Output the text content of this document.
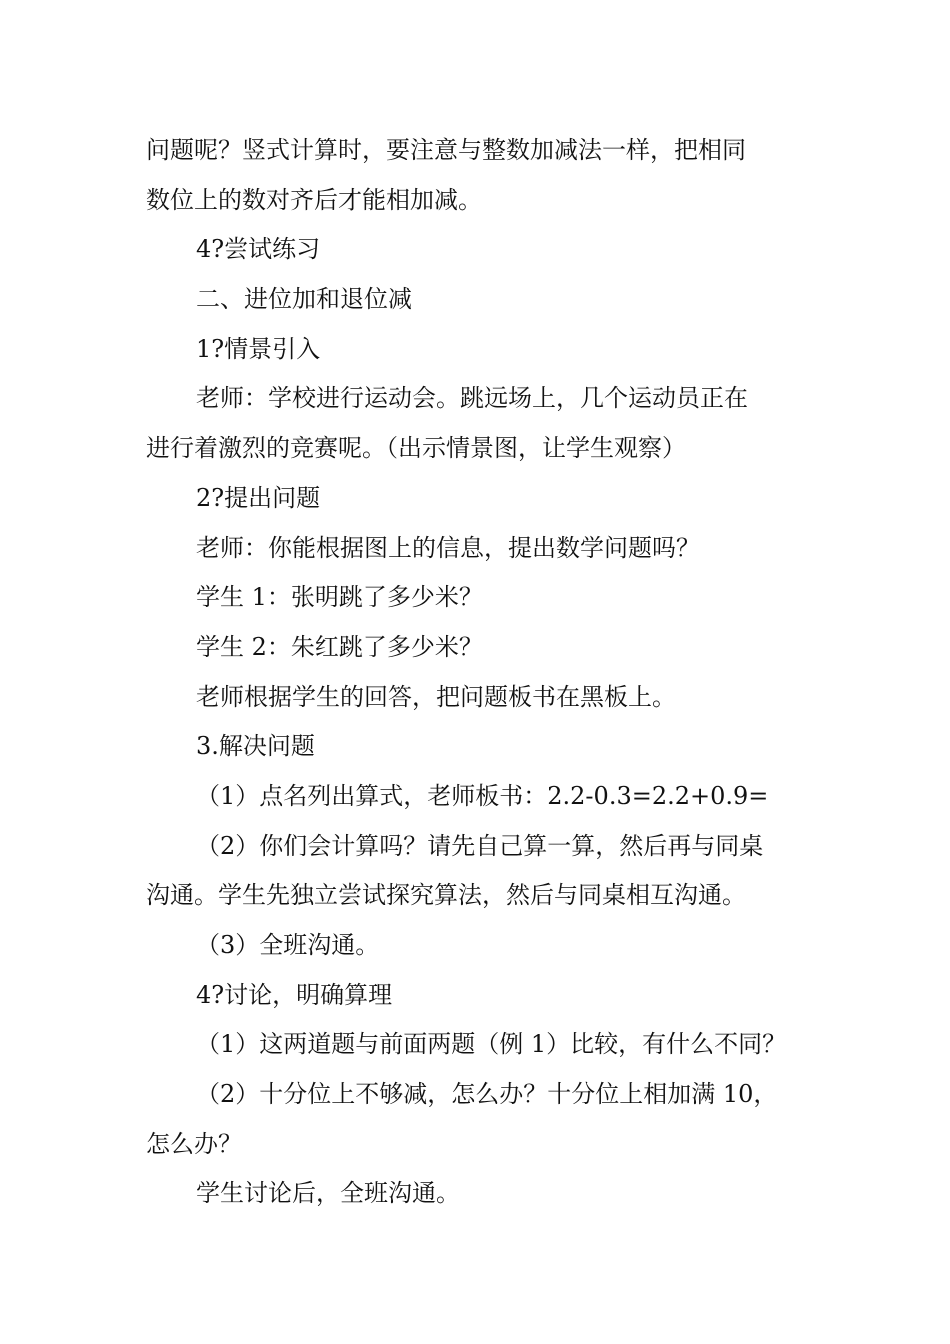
问题呢？竖式计算时，要注意与整数加减法一样，把相同
数位上的数对齐后才能相加减。
4?尝试练习
二、进位加和退位减
1?情景引入
老师：学校进行运动会。跳远场上，几个运动员正在
进行着激烈的竞赛呢。（出示情景图，让学生观察）
2?提出问题
老师：你能根据图上的信息，提出数学问题吗？
学生 1：张明跳了多少米？
学生 2：朱红跳了多少米？
老师根据学生的回答，把问题板书在黑板上。
3.解决问题
（1）点名列出算式，老师板书：2.2-0.3=2.2+0.9=
（2）你们会计算吗？请先自己算一算，然后再与同桌
沟通。学生先独立尝试探究算法，然后与同桌相互沟通。
（3）全班沟通。
4?讨论，明确算理
（1）这两道题与前面两题（例 1）比较，有什么不同？
（2）十分位上不够减，怎么办？十分位上相加满 10，
怎么办？
学生讨论后，全班沟通。
